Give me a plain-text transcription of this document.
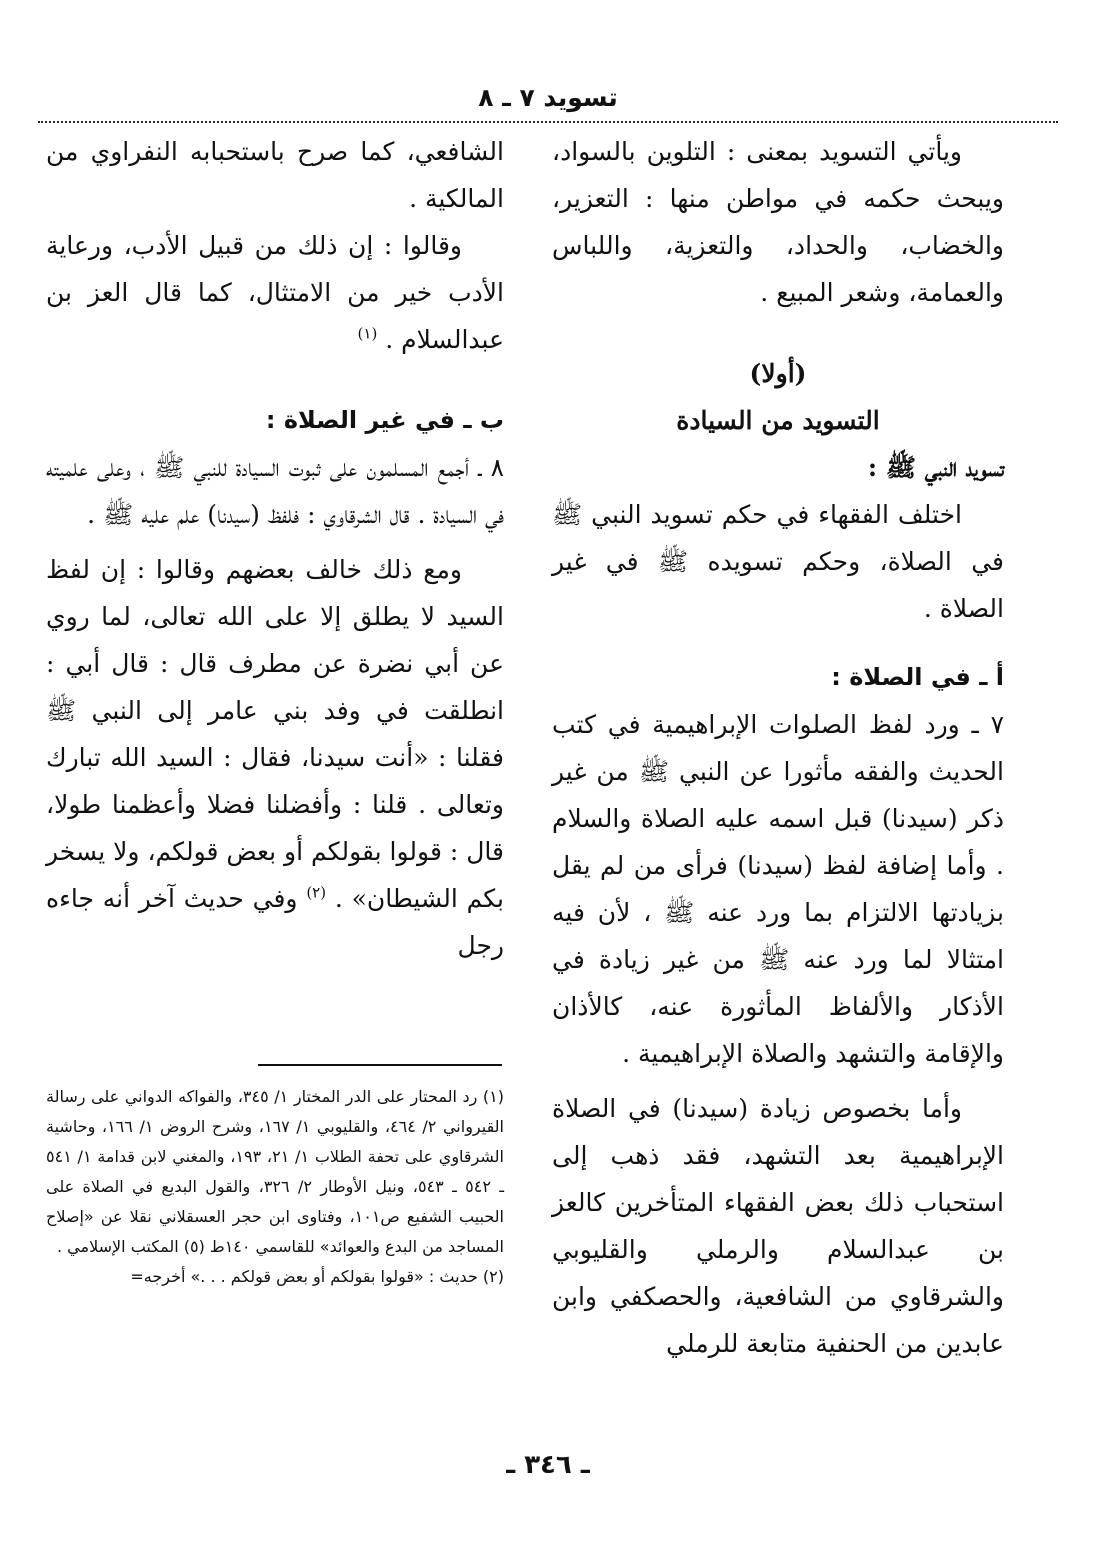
تسويد ٧ ـ ٨

ويأتي التسويد بمعنى : التلوين بالسواد، ويبحث حكمه في مواطن منها : التعزير، والخضاب، والحداد، والتعزية، واللباس والعمامة، وشعر المبيع .

(أولا)

التسويد من السيادة

تسويد النبي ﷺ :

اختلف الفقهاء في حكم تسويد النبي ﷺ في الصلاة، وحكم تسويده ﷺ في غير الصلاة .

أ ـ في الصلاة :

٧ ـ ورد لفظ الصلوات الإبراهيمية في كتب الحديث والفقه مأثورا عن النبي ﷺ من غير ذكر (سيدنا) قبل اسمه عليه الصلاة والسلام . وأما إضافة لفظ (سيدنا) فرأى من لم يقل بزيادتها الالتزام بما ورد عنه ﷺ ، لأن فيه امتثالا لما ورد عنه ﷺ من غير زيادة في الأذكار والألفاظ المأثورة عنه، كالأذان والإقامة والتشهد والصلاة الإبراهيمية .

وأما بخصوص زيادة (سيدنا) في الصلاة الإبراهيمية بعد التشهد، فقد ذهب إلى استحباب ذلك بعض الفقهاء المتأخرين كالعز بن عبدالسلام والرملي والقليوبي والشرقاوي من الشافعية، والحصكفي وابن عابدين من الحنفية متابعة للرملي

الشافعي، كما صرح باستحبابه النفراوي من المالكية .

وقالوا : إن ذلك من قبيل الأدب، ورعاية الأدب خير من الامتثال، كما قال العز بن عبدالسلام . $^{(١)}$

ب ـ في غير الصلاة :

٨ ـ أجمع المسلمون على ثبوت السيادة للنبي ﷺ ، وعلى علميته في السيادة . قال الشرقاوي : فلفظ (سيدنا) علم عليه ﷺ .

ومع ذلك خالف بعضهم وقالوا : إن لفظ السيد لا يطلق إلا على الله تعالى، لما روي عن أبي نضرة عن مطرف قال : قال أبي : انطلقت في وفد بني عامر إلى النبي ﷺ فقلنا : «أنت سيدنا، فقال : السيد الله تبارك وتعالى . قلنا : وأفضلنا فضلا وأعظمنا طولا، قال : قولوا بقولكم أو بعض قولكم، ولا يسخر بكم الشيطان» . $^{(٢)}$ وفي حديث آخر أنه جاءه رجل

(١) رد المحتار على الدر المختار ١/ ٣٤٥، والفواكه الدواني على رسالة القيرواني ٢/ ٤٦٤، والقليوبي ١/ ١٦٧، وشرح الروض ١/ ١٦٦، وحاشية الشرقاوي على تحفة الطلاب ١/ ٢١، ١٩٣، والمغني لابن قدامة ١/ ٥٤١ ـ ٥٤٢ ـ ٥٤٣، ونيل الأوطار ٢/ ٣٢٦، والقول البديع في الصلاة على الحبيب الشفيع ص١٠١، وفتاوى ابن حجر العسقلاني نقلا عن «إصلاح المساجد من البدع والعوائد» للقاسمي ١٤٠ط (٥) المكتب الإسلامي .

(٢) حديث : «قولوا بقولكم أو بعض قولكم . . .» أخرجه=

ـ ٣٤٦ ـ
